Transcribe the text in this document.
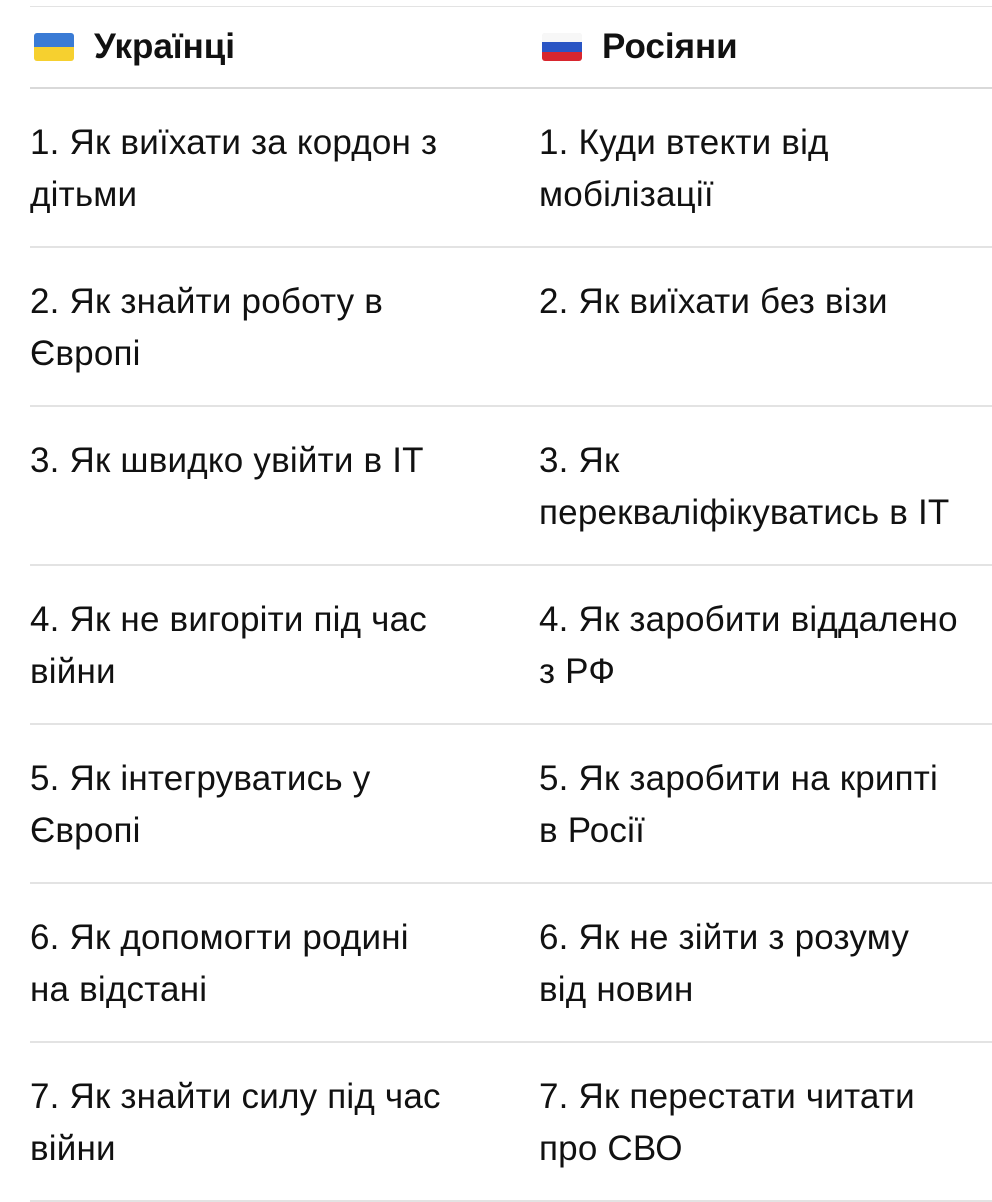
Українці	Росіяни
1. Як виїхати за кордон з
дітьми
1. Куди втекти від
мобілізації
2. Як знайти роботу в
Європі
2. Як виїхати без візи
3. Як швидко увійти в IT	3. Як
перекваліфікуватись в IT
4. Як не вигоріти під час
війни
4. Як заробити віддалено
з РФ
5. Як інтегруватись у
Європі
5. Як заробити на крипті
в Росії
6. Як допомогти родині
на відстані
6. Як не зійти з розуму
від новин
7. Як знайти силу під час
війни
7. Як перестати читати
про СВО
